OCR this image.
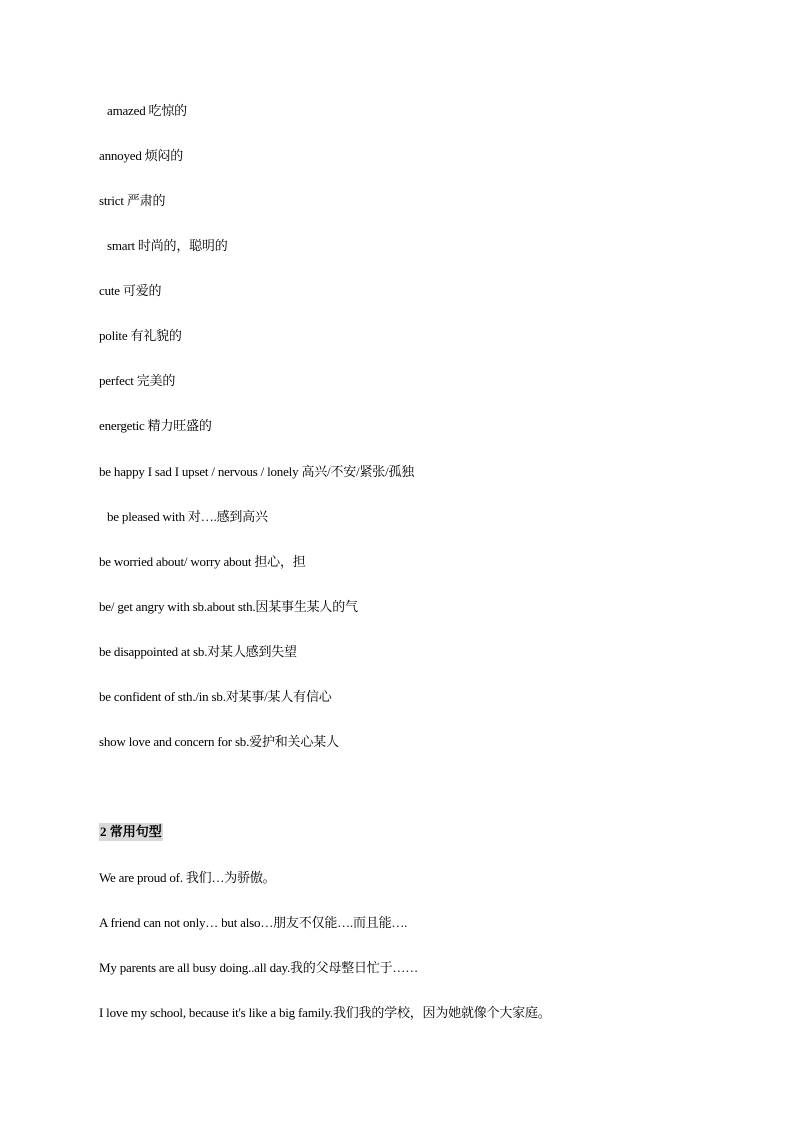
amazed 吃惊的
annoyed 烦闷的
strict 严肃的
smart 时尚的，聪明的
cute 可爱的
polite 有礼貌的
perfect 完美的
energetic 精力旺盛的
be happy I sad I upset / nervous / lonely 高兴/不安/紧张/孤独
be pleased with 对….感到高兴
be worried about/ worry about 担心，担
be/ get angry with sb.about sth.因某事生某人的气
be disappointed at sb.对某人感到失望
be confident of sth./in sb.对某事/某人有信心
show love and concern for sb.爱护和关心某人
2 常用句型
We are proud of. 我们…为骄傲。
A friend can not only… but also…朋友不仅能….而且能….
My parents are all busy doing..all day.我的父母整日忙于……
I love my school, because it's like a big family.我们我的学校，因为她就像个大家庭。
